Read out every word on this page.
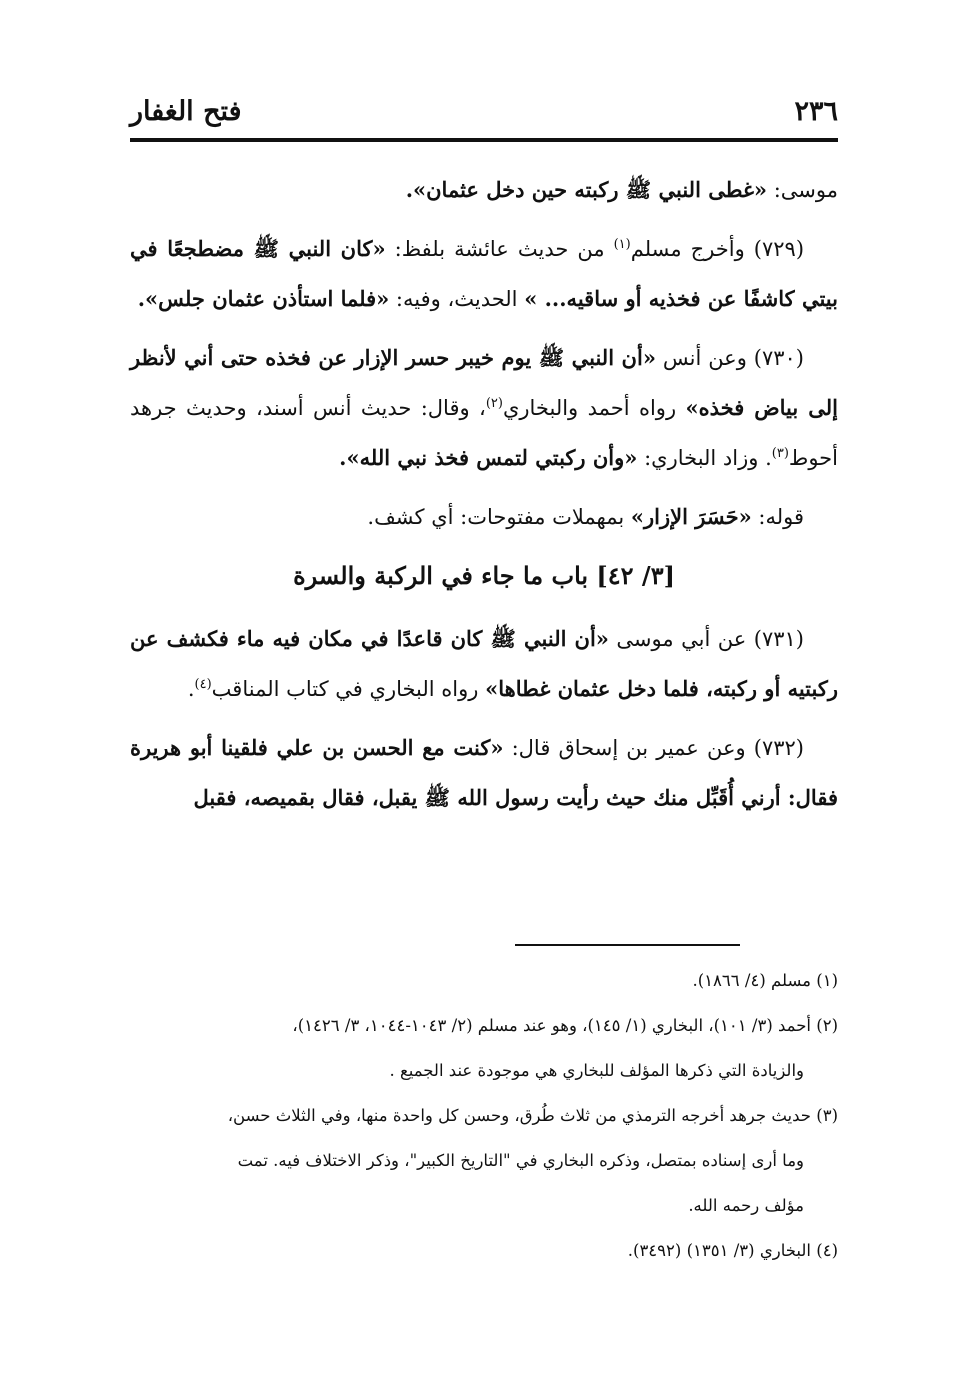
٢٣٦
فتح الغفار

موسى: «غطى النبي ﷺ ركبته حين دخل عثمان».

(٧٢٩) وأخرج مسلم$^{(١)}$ من حديث عائشة بلفظ: «كان النبي ﷺ مضطجعًا في بيتي كاشفًا عن فخذيه أو ساقيه... » الحديث، وفيه: «فلما استأذن عثمان جلس».

(٧٣٠) وعن أنس «أن النبي ﷺ يوم خيبر حسر الإزار عن فخذه حتى أني لأنظر إلى بياض فخذه» رواه أحمد والبخاري$^{(٢)}$، وقال: حديث أنس أسند، وحديث جرهد أحوط$^{(٣)}$. وزاد البخاري: «وأن ركبتي لتمس فخذ نبي الله».

قوله: «حَسَرَ الإزار» بمهملات مفتوحات: أي كشف.

[٣/ ٤٢] باب ما جاء في الركبة والسرة

(٧٣١) عن أبي موسى «أن النبي ﷺ كان قاعدًا في مكان فيه ماء فكشف عن ركبتيه أو ركبته، فلما دخل عثمان غطاها» رواه البخاري في كتاب المناقب$^{(٤)}$.

(٧٣٢) وعن عمير بن إسحاق قال: «كنت مع الحسن بن علي فلقينا أبو هريرة فقال: أرني أُقَبِّل منك حيث رأيت رسول الله ﷺ يقبل، فقال بقميصه، فقبل

(١) مسلم (٤/ ١٨٦٦).

(٢) أحمد (٣/ ١٠١)، البخاري (١/ ١٤٥)، وهو عند مسلم (٢/ ١٠٤٣-١٠٤٤، ٣/ ١٤٢٦)،

والزيادة التي ذكرها المؤلف للبخاري هي موجودة عند الجميع .

(٣) حديث جرهد أخرجه الترمذي من ثلاث طُرق، وحسن كل واحدة منها، وفي الثلاث حسن،

وما أرى إسناده بمتصل، وذكره البخاري في "التاريخ الكبير"، وذكر الاختلاف فيه. تمت

مؤلف رحمه الله.

(٤) البخاري (٣/ ١٣٥١) (٣٤٩٢).
